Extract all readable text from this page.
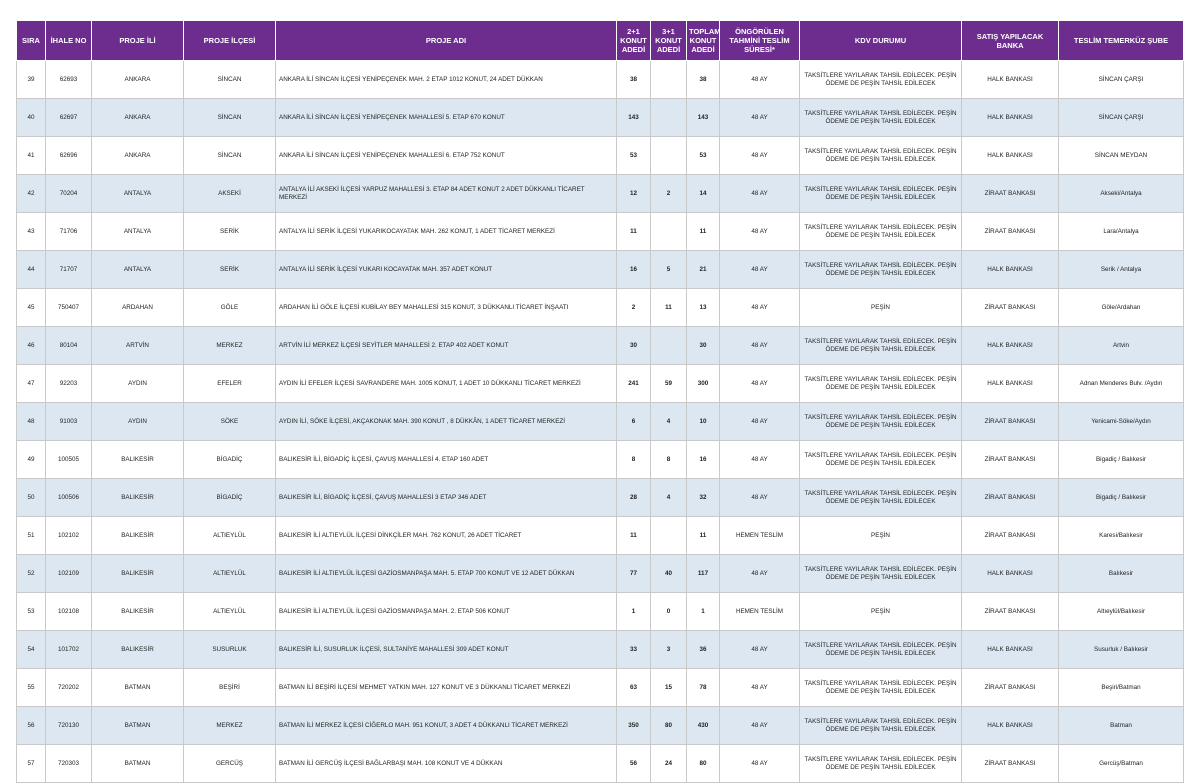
SIRA	İHALE NO	PROJE İLİ	PROJE İLÇESİ	PROJE ADI	2+1 KONUT ADEDİ	3+1 KONUT ADEDİ	TOPLAM KONUT ADEDİ	ÖNGÖRÜLEN TAHMİNİ TESLİM SÜRESİ*	KDV DURUMU	SATIŞ YAPILACAK BANKA	TESLİM TEMERKÜZ ŞUBE
39	62693	ANKARA	SİNCAN	ANKARA İLİ SİNCAN İLÇESİ YENİPEÇENEK MAH. 2 ETAP 1012 KONUT, 24 ADET DÜKKAN	38		38	48 AY	TAKSİTLERE YAYILARAK TAHSİL EDİLECEK. PEŞİN ÖDEME DE PEŞİN TAHSİL EDİLECEK	HALK BANKASI	SİNCAN ÇARŞI
40	62697	ANKARA	SİNCAN	ANKARA İLİ SİNCAN İLÇESİ YENİPEÇENEK MAHALLESİ 5. ETAP 670 KONUT	143		143	48 AY	TAKSİTLERE YAYILARAK TAHSİL EDİLECEK. PEŞİN ÖDEME DE PEŞİN TAHSİL EDİLECEK	HALK BANKASI	SİNCAN ÇARŞI
41	62696	ANKARA	SİNCAN	ANKARA İLİ SİNCAN İLÇESİ YENİPEÇENEK MAHALLESİ 6. ETAP 752 KONUT	53		53	48 AY	TAKSİTLERE YAYILARAK TAHSİL EDİLECEK. PEŞİN ÖDEME DE PEŞİN TAHSİL EDİLECEK	HALK BANKASI	SİNCAN MEYDAN
42	70204	ANTALYA	AKSEKİ	ANTALYA İLİ AKSEKİ İLÇESİ YARPUZ MAHALLESİ 3. ETAP 84 ADET KONUT 2 ADET DÜKKANLI TİCARET MERKEZİ	12	2	14	48 AY	TAKSİTLERE YAYILARAK TAHSİL EDİLECEK. PEŞİN ÖDEME DE PEŞİN TAHSİL EDİLECEK	ZİRAAT BANKASI	Akseki/Antalya
43	71706	ANTALYA	SERİK	ANTALYA İLİ SERİK İLÇESİ YUKARIKOCAYATAK MAH. 262 KONUT, 1 ADET TİCARET MERKEZİ	11		11	48 AY	TAKSİTLERE YAYILARAK TAHSİL EDİLECEK. PEŞİN ÖDEME DE PEŞİN TAHSİL EDİLECEK	ZİRAAT BANKASI	Lara/Antalya
44	71707	ANTALYA	SERİK	ANTALYA İLİ SERİK İLÇESİ YUKARI KOCAYATAK MAH. 357 ADET KONUT	16	5	21	48 AY	TAKSİTLERE YAYILARAK TAHSİL EDİLECEK. PEŞİN ÖDEME DE PEŞİN TAHSİL EDİLECEK	HALK BANKASI	Serik / Antalya
45	750407	ARDAHAN	GÖLE	ARDAHAN İLİ GÖLE İLÇESİ KUBİLAY BEY MAHALLESİ 315 KONUT, 3 DÜKKANLI TİCARET İNŞAATI	2	11	13	48 AY	PEŞİN	ZİRAAT BANKASI	Göle/Ardahan
46	80104	ARTVİN	MERKEZ	ARTVİN İLİ MERKEZ İLÇESİ SEYİTLER MAHALLESİ 2. ETAP 402 ADET KONUT	30		30	48 AY	TAKSİTLERE YAYILARAK TAHSİL EDİLECEK. PEŞİN ÖDEME DE PEŞİN TAHSİL EDİLECEK	HALK BANKASI	Artvin
47	92203	AYDIN	EFELER	AYDIN İLİ EFELER İLÇESİ SAVRANDERE MAH. 1005 KONUT, 1 ADET 10 DÜKKANLI TİCARET MERKEZİ	241	59	300	48 AY	TAKSİTLERE YAYILARAK TAHSİL EDİLECEK. PEŞİN ÖDEME DE PEŞİN TAHSİL EDİLECEK	HALK BANKASI	Adnan Menderes Bulv. /Aydın
48	91003	AYDIN	SÖKE	AYDIN İLİ, SÖKE İLÇESİ, AKÇAKONAK MAH. 390 KONUT , 8 DÜKKÂN, 1 ADET TİCARET MERKEZİ	6	4	10	48 AY	TAKSİTLERE YAYILARAK TAHSİL EDİLECEK. PEŞİN ÖDEME DE PEŞİN TAHSİL EDİLECEK	ZİRAAT BANKASI	Yenicami-Söke/Aydın
49	100505	BALIKESİR	BİGADİÇ	BALIKESİR İLİ, BİGADİÇ İLÇESİ, ÇAVUŞ MAHALLESİ 4. ETAP 160 ADET	8	8	16	48 AY	TAKSİTLERE YAYILARAK TAHSİL EDİLECEK. PEŞİN ÖDEME DE PEŞİN TAHSİL EDİLECEK	ZİRAAT BANKASI	Bigadiç / Balıkesir
50	100506	BALIKESİR	BİGADİÇ	BALIKESİR İLİ, BİGADİÇ İLÇESİ, ÇAVUŞ MAHALLESİ 3 ETAP 346 ADET	28	4	32	48 AY	TAKSİTLERE YAYILARAK TAHSİL EDİLECEK. PEŞİN ÖDEME DE PEŞİN TAHSİL EDİLECEK	ZİRAAT BANKASI	Bigadiç / Balıkesir
51	102102	BALIKESİR	ALTIEYLÜL	BALIKESİR İLİ ALTIEYLÜL İLÇESİ DİNKÇİLER MAH. 762 KONUT, 26 ADET TİCARET	11		11	HEMEN TESLİM	PEŞİN	ZİRAAT BANKASI	Karesi/Balıkesir
52	102109	BALIKESİR	ALTIEYLÜL	BALIKESİR İLİ ALTIEYLÜL İLÇESİ GAZİOSMANPAŞA MAH. 5. ETAP 700 KONUT VE 12 ADET DÜKKAN	77	40	117	48 AY	TAKSİTLERE YAYILARAK TAHSİL EDİLECEK. PEŞİN ÖDEME DE PEŞİN TAHSİL EDİLECEK	HALK BANKASI	Balıkesir
53	102108	BALIKESİR	ALTIEYLÜL	BALIKESİR İLİ ALTIEYLÜL İLÇESİ GAZİOSMANPAŞA MAH. 2. ETAP 506 KONUT	1	0	1	HEMEN TESLİM	PEŞİN	ZİRAAT BANKASI	Altıeylül/Balıkesir
54	101702	BALIKESİR	SUSURLUK	BALIKESİR İLİ, SUSURLUK İLÇESİ, SULTANİYE MAHALLESİ 309 ADET KONUT	33	3	36	48 AY	TAKSİTLERE YAYILARAK TAHSİL EDİLECEK. PEŞİN ÖDEME DE PEŞİN TAHSİL EDİLECEK	HALK BANKASI	Susurluk / Balıkesir
55	720202	BATMAN	BEŞİRİ	BATMAN İLİ BEŞİRİ İLÇESİ MEHMET YATKIN MAH. 127 KONUT VE 3 DÜKKANLI TİCARET MERKEZİ	63	15	78	48 AY	TAKSİTLERE YAYILARAK TAHSİL EDİLECEK. PEŞİN ÖDEME DE PEŞİN TAHSİL EDİLECEK	ZİRAAT BANKASI	Beşiri/Batman
56	720130	BATMAN	MERKEZ	BATMAN İLİ MERKEZ İLÇESİ CİĞERLO MAH. 951 KONUT, 3 ADET 4 DÜKKANLI TİCARET MERKEZİ	350	80	430	48 AY	TAKSİTLERE YAYILARAK TAHSİL EDİLECEK. PEŞİN ÖDEME DE PEŞİN TAHSİL EDİLECEK	HALK BANKASI	Batman
57	720303	BATMAN	GERCÜŞ	BATMAN İLİ GERCÜŞ İLÇESİ BAĞLARBAŞI MAH. 108 KONUT VE 4 DÜKKAN	56	24	80	48 AY	TAKSİTLERE YAYILARAK TAHSİL EDİLECEK. PEŞİN ÖDEME DE PEŞİN TAHSİL EDİLECEK	ZİRAAT BANKASI	Gercüş/Batman
